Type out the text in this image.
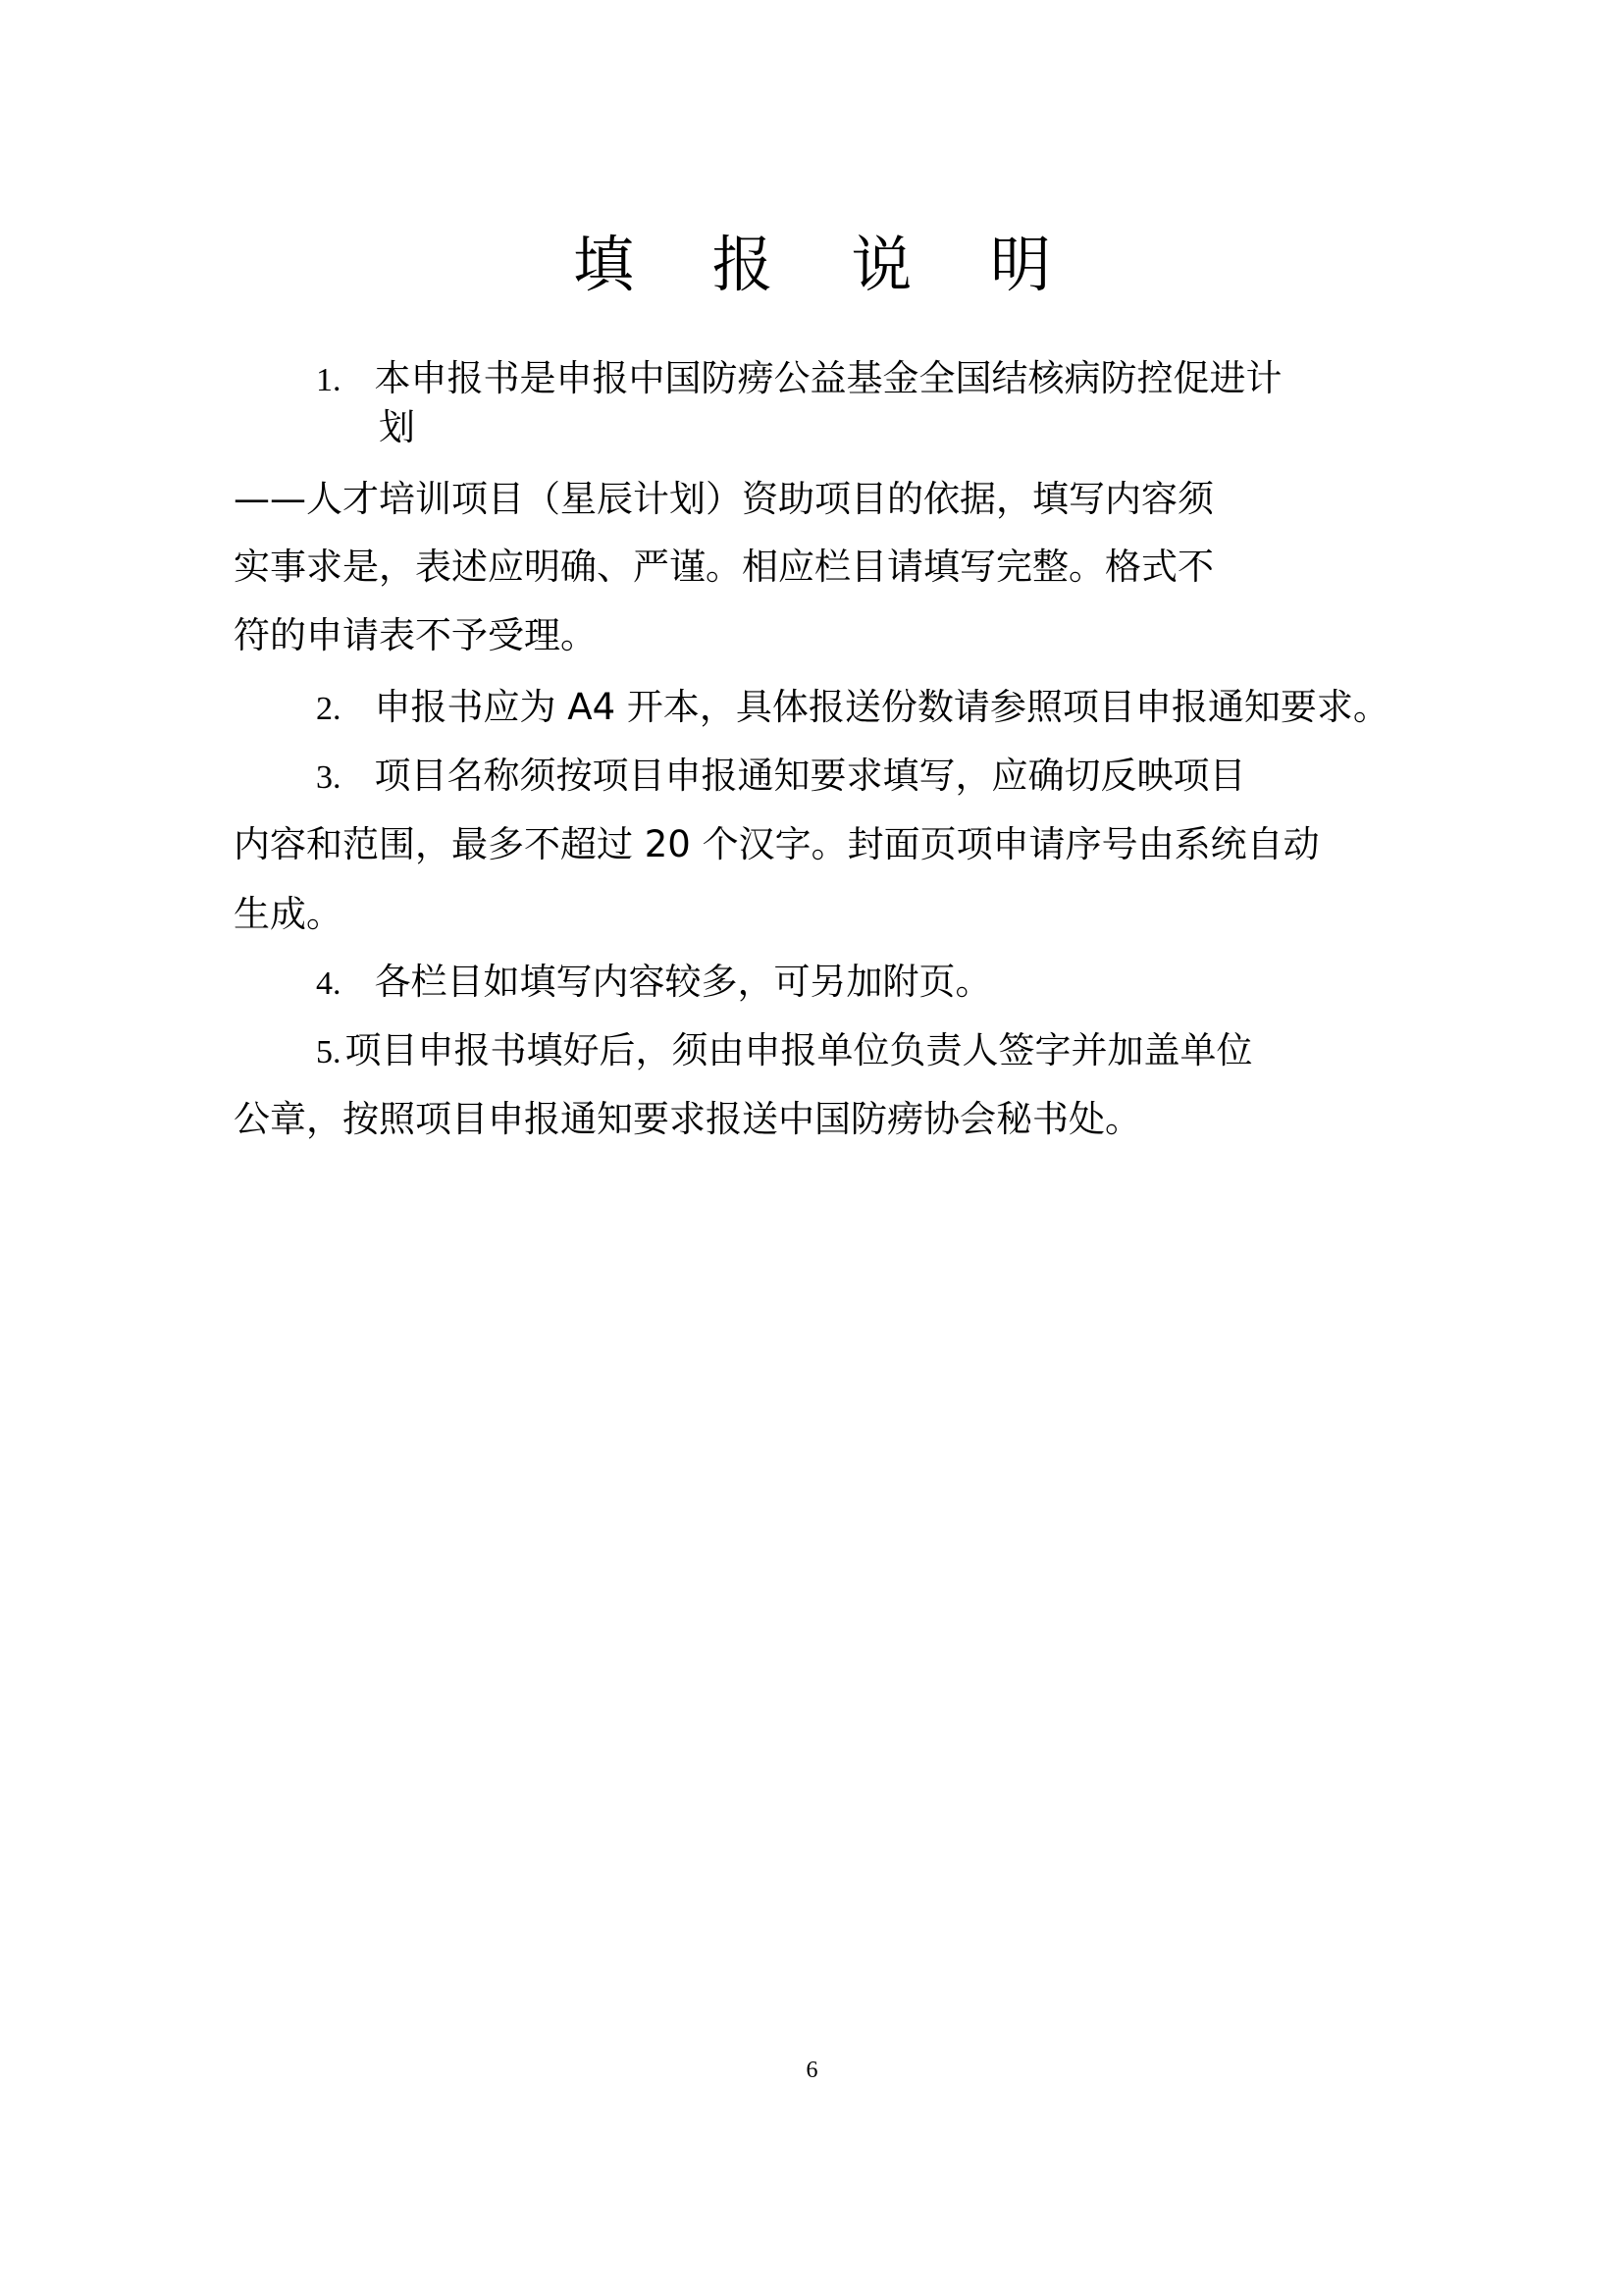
填 报 说 明
1. 本申报书是申报中国防痨公益基金全国结核病防控促进计
划
——人才培训项目（星辰计划）资助项目的依据，填写内容须
实事求是，表述应明确、严谨。相应栏目请填写完整。格式不
符的申请表不予受理。
2. 申报书应为 A4 开本，具体报送份数请参照项目申报通知要求。
3. 项目名称须按项目申报通知要求填写，应确切反映项目
内容和范围，最多不超过 20 个汉字。封面页项申请序号由系统自动
生成。
4. 各栏目如填写内容较多，可另加附页。
5. 项目申报书填好后，须由申报单位负责人签字并加盖单位
公章，按照项目申报通知要求报送中国防痨协会秘书处。
6
